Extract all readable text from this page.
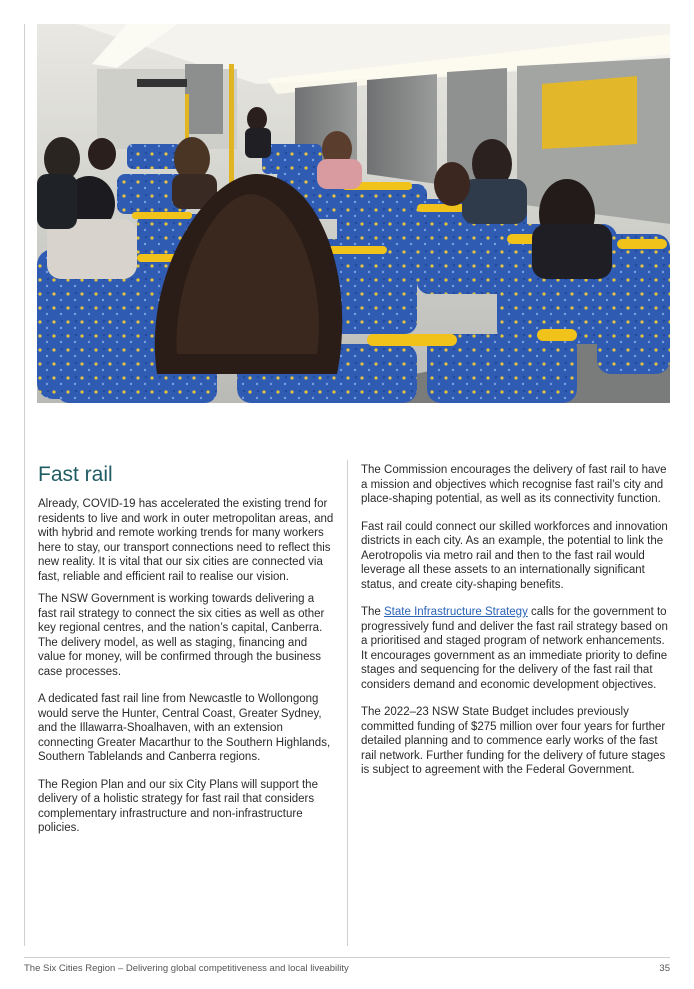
Fast rail

Already, COVID-19 has accelerated the existing trend for residents to live and work in outer metropolitan areas, and with hybrid and remote working trends for many workers here to stay, our transport connections need to reflect this new reality. It is vital that our six cities are connected via fast, reliable and efficient rail to realise our vision.

The NSW Government is working towards delivering a fast rail strategy to connect the six cities as well as other key regional centres, and the nation’s capital, Canberra. The delivery model, as well as staging, financing and value for money, will be confirmed through the business case processes.

A dedicated fast rail line from Newcastle to Wollongong would serve the Hunter, Central Coast, Greater Sydney, and the Illawarra-Shoalhaven, with an extension connecting Greater Macarthur to the Southern Highlands, Southern Tablelands and Canberra regions.

The Region Plan and our six City Plans will support the delivery of a holistic strategy for fast rail that considers complementary infrastructure and non-infrastructure policies.

The Commission encourages the delivery of fast rail to have a mission and objectives which recognise fast rail’s city and place-shaping potential, as well as its connectivity function.

Fast rail could connect our skilled workforces and innovation districts in each city. As an example, the potential to link the Aerotropolis via metro rail and then to the fast rail would leverage all these assets to an internationally significant status, and create city-shaping benefits.

The State Infrastructure Strategy calls for the government to progressively fund and deliver the fast rail strategy based on a prioritised and staged program of network enhancements. It encourages government as an immediate priority to define stages and sequencing for the delivery of the fast rail that considers demand and economic development objectives.

The 2022–23 NSW State Budget includes previously committed funding of $275 million over four years for further detailed planning and to commence early works of the fast rail network. Further funding for the delivery of future stages is subject to agreement with the Federal Government.

The Six Cities Region – Delivering global competitiveness and local liveability	35
